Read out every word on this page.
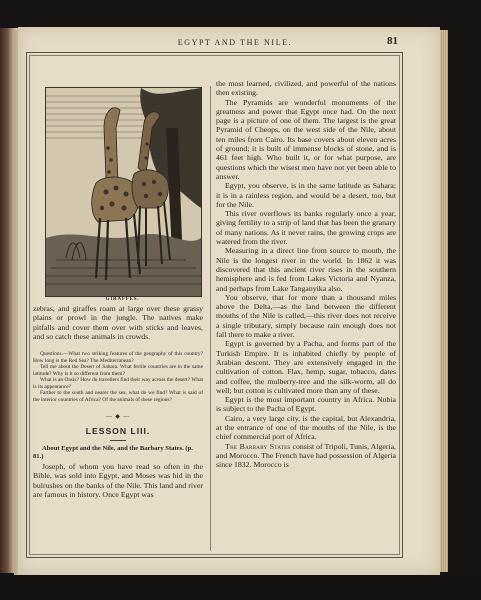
EGYPT AND THE NILE.	81
GIRAFFES.

zebras, and giraffes roam at large over these grassy plains or prowl in the jungle. The natives make pitfalls and cover them over with sticks and leaves, and so catch these animals in crowds.

Questions.—What two striking features of the geography of this country? How long is the Red Sea? The Mediterranean?

Tell me about the Desert of Sahara. What fertile countries are in the same latitude? Why is it so different from them?

What is an Oasis? How do travellers find their way across the desert? What is its appearance?

Farther to the south and nearer the sea, what do we find? What is said of the interior countries of Africa? Of the animals of these regions?

— ◆ —

LESSON LIII.

About Egypt and the Nile, and the Barbary States. (p. 81.)

Joseph, of whom you have read so often in the Bible, was sold into Egypt, and Moses was hid in the bulrushes on the banks of the Nile. This land and river are famous in history. Once Egypt was

the most learned, civilized, and powerful of the nations then existing.

The Pyramids are wonderful monuments of the greatness and power that Egypt once had. On the next page is a picture of one of them. The largest is the great Pyramid of Cheops, on the west side of the Nile, about ten miles from Cairo. Its base covers about eleven acres of ground; it is built of immense blocks of stone, and is 461 feet high. Who built it, or for what purpose, are questions which the wisest men have not yet been able to answer.

Egypt, you observe, is in the same latitude as Sahara; it is in a rainless region, and would be a desert, too, but for the Nile.

This river overflows its banks regularly once a year, giving fertility to a strip of land that has been the granary of many nations. As it never rains, the growing crops are watered from the river.

Measuring in a direct line from source to mouth, the Nile is the longest river in the world. In 1862 it was discovered that this ancient river rises in the southern hemisphere and is fed from Lakes Victoria and Nyanza, and perhaps from Lake Tanganyika also.

You observe, that for more than a thousand miles above the Delta,—as the land between the different mouths of the Nile is called,—this river does not receive a single tributary, simply because rain enough does not fall there to make a river.

Egypt is governed by a Pacha, and forms part of the Turkish Empire. It is inhabited chiefly by people of Arabian descent. They are extensively engaged in the cultivation of cotton. Flax, hemp, sugar, tobacco, dates and coffee, the mulberry-tree and the silk-worm, all do well; but cotton is cultivated more than any of these.

Egypt is the most important country in Africa. Nubia is subject to the Pacha of Egypt.

Cairo, a very large city, is the capital, but Alexandria, at the entrance of one of the mouths of the Nile, is the chief commercial port of Africa.

The Barbary States consist of Tripoli, Tunis, Algeria, and Morocco. The French have had possession of Algeria since 1832. Morocco is
